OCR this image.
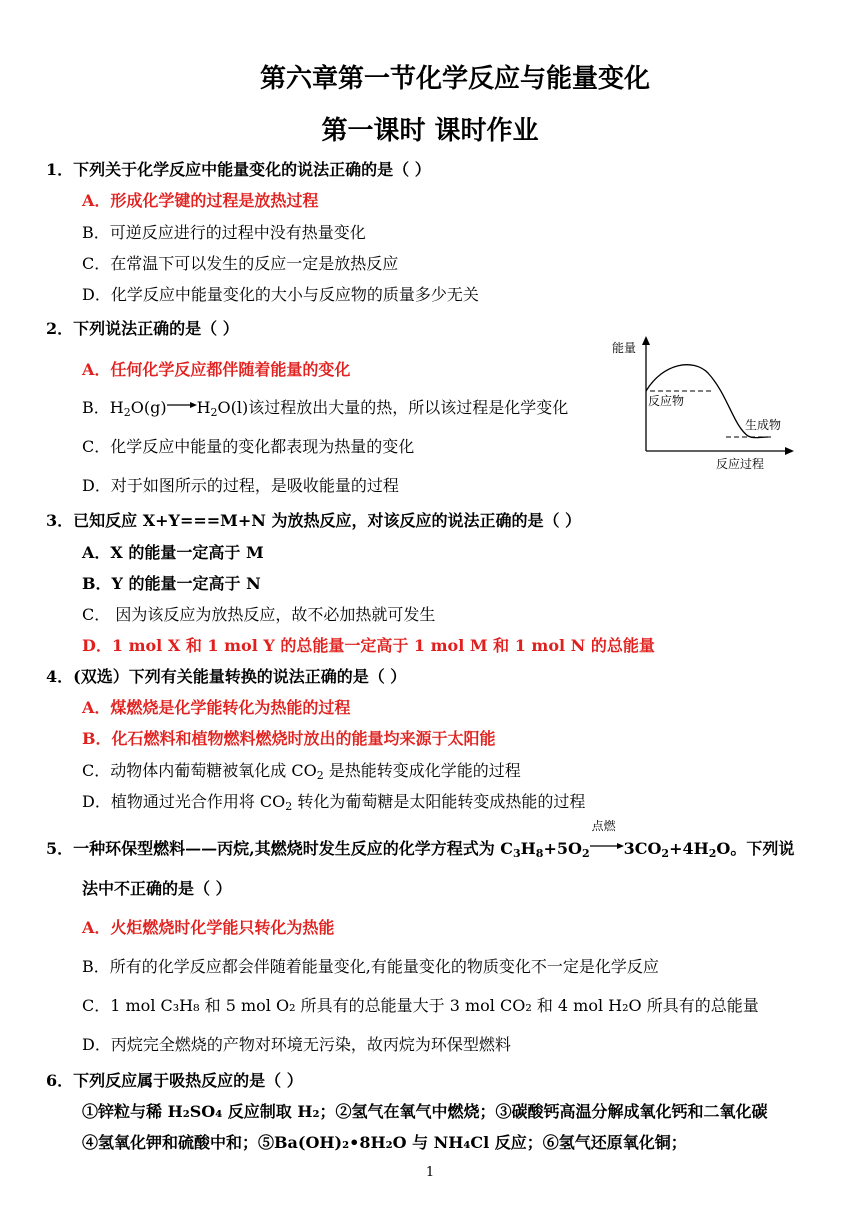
第六章第一节化学反应与能量变化
第一课时 课时作业
1．下列关于化学反应中能量变化的说法正确的是（ ）
A．形成化学键的过程是放热过程
B．可逆反应进行的过程中没有热量变化
C．在常温下可以发生的反应一定是放热反应
D．化学反应中能量变化的大小与反应物的质量多少无关
2．下列说法正确的是（ ）
A．任何化学反应都伴随着能量的变化
B．$H_2O(g)$ $H_2O(l)$该过程放出大量的热，所以该过程是化学变化
C．化学反应中能量的变化都表现为热量的变化
D．对于如图所示的过程，是吸收能量的过程
能量
反应过程
反应物
生成物
3．已知反应 X+Y===M+N 为放热反应，对该反应的说法正确的是（ ）
A．X 的能量一定高于 M
B．Y 的能量一定高于 N
C． 因为该反应为放热反应，故不必加热就可发生
D．1 mol X 和 1 mol Y 的总能量一定高于 1 mol M 和 1 mol N 的总能量
4．(双选）下列有关能量转换的说法正确的是（ ）
A．煤燃烧是化学能转化为热能的过程
B．化石燃料和植物燃料燃烧时放出的能量均来源于太阳能
C．动物体内葡萄糖被氧化成 $CO_2$ 是热能转变成化学能的过程
D．植物通过光合作用将 $CO_2$ 转化为葡萄糖是太阳能转变成热能的过程
5．一种环保型燃料——丙烷,其燃烧时发生反应的化学方程式为 $C_3H_8+5O_2$
点燃
$3CO_2+4H_2O$。下列说
法中不正确的是（ ）
A．火炬燃烧时化学能只转化为热能
B．所有的化学反应都会伴随着能量变化,有能量变化的物质变化不一定是化学反应
C．1 mol C₃H₈ 和 5 mol O₂ 所具有的总能量大于 3 mol CO₂ 和 4 mol H₂O 所具有的总能量
D．丙烷完全燃烧的产物对环境无污染，故丙烷为环保型燃料
6．下列反应属于吸热反应的是（ ）
①锌粒与稀 H₂SO₄ 反应制取 H₂；②氢气在氧气中燃烧；③碳酸钙高温分解成氧化钙和二氧化碳
④氢氧化钾和硫酸中和；⑤Ba(OH)₂•8H₂O 与 NH₄Cl 反应；⑥氢气还原氧化铜；
1
